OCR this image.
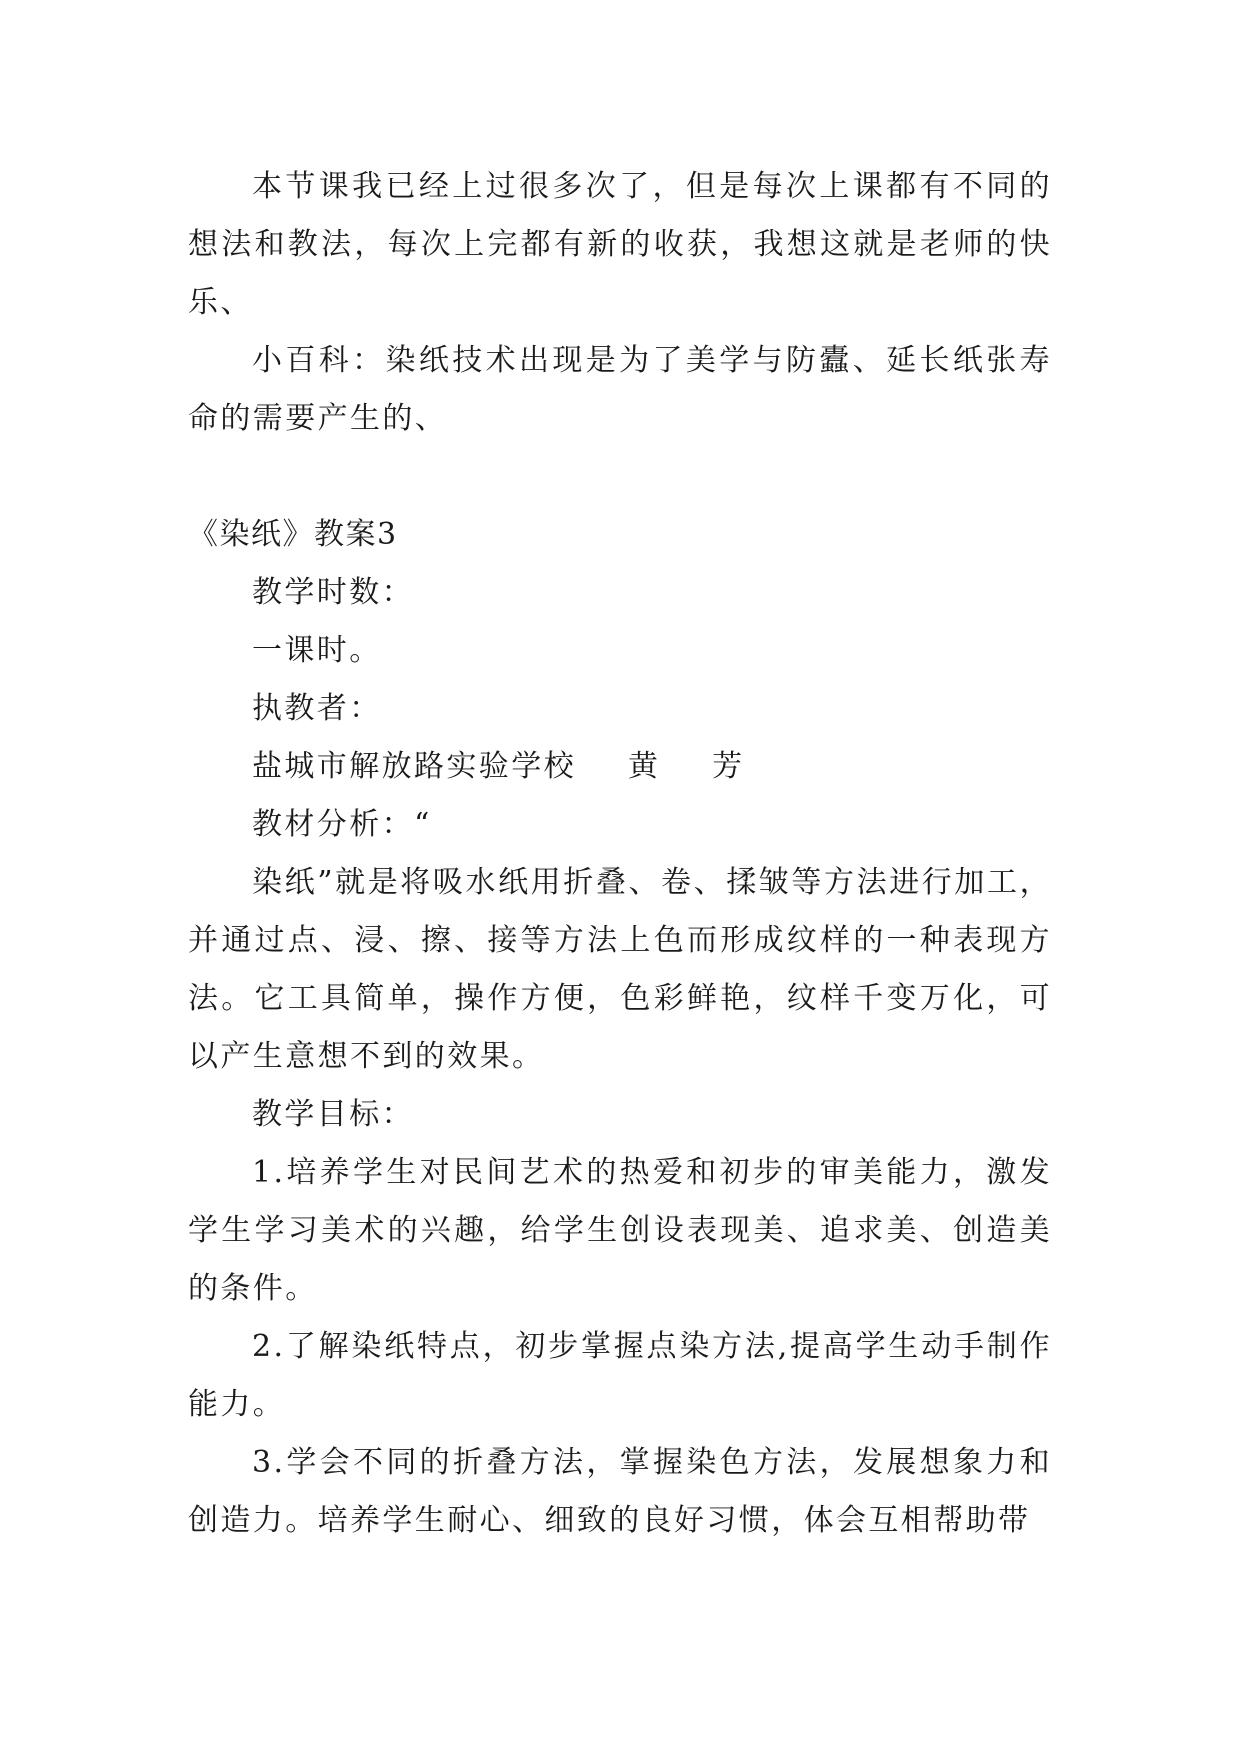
本节课我已经上过很多次了，但是每次上课都有不同的想法和教法，每次上完都有新的收获，我想这就是老师的快乐、

小百科：染纸技术出现是为了美学与防蠹、延长纸张寿命的需要产生的、

《染纸》教案3

教学时数：

一课时。

执教者：

盐城市解放路实验学校  黄  芳

教材分析：“

染纸”就是将吸水纸用折叠、卷、揉皱等方法进行加工，并通过点、浸、擦、接等方法上色而形成纹样的一种表现方法。它工具简单，操作方便，色彩鲜艳，纹样千变万化，可以产生意想不到的效果。

教学目标：

1.培养学生对民间艺术的热爱和初步的审美能力，激发学生学习美术的兴趣，给学生创设表现美、追求美、创造美的条件。

2.了解染纸特点，初步掌握点染方法,提高学生动手制作能力。

3.学会不同的折叠方法，掌握染色方法，发展想象力和创造力。培养学生耐心、细致的良好习惯，体会互相帮助带
